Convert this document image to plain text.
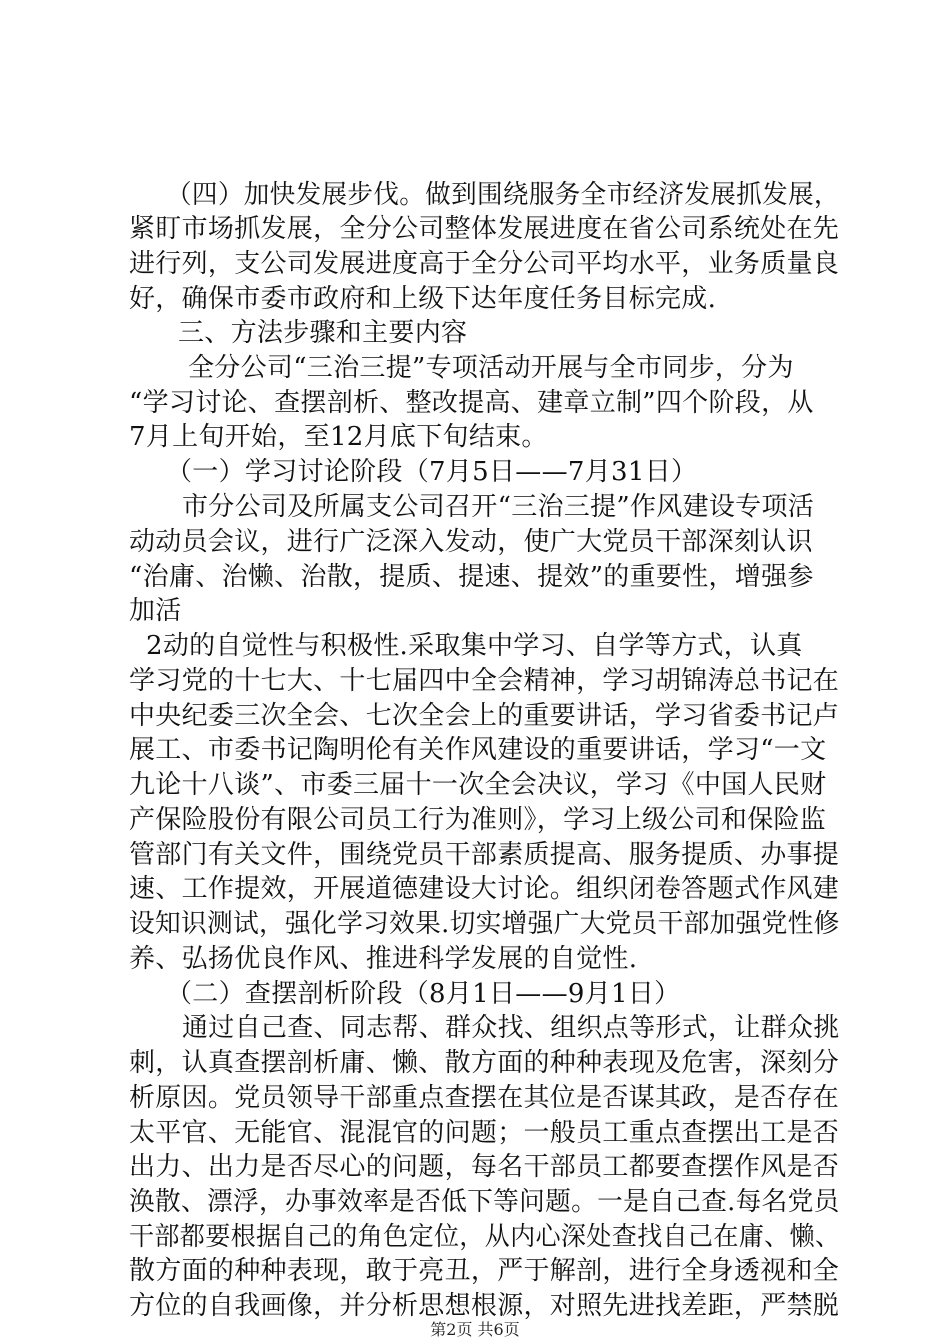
（四）加快发展步伐。做到围绕服务全市经济发展抓发展，
紧盯市场抓发展，全分公司整体发展进度在省公司系统处在先
进行列，支公司发展进度高于全分公司平均水平，业务质量良
好，确保市委市政府和上级下达年度任务目标完成.
三、方法步骤和主要内容
全分公司“三治三提”专项活动开展与全市同步，分为
“学习讨论、查摆剖析、整改提高、建章立制”四个阶段，从
7月上旬开始，至12月底下旬结束。
（一）学习讨论阶段（7月5日——7月31日）
市分公司及所属支公司召开“三治三提”作风建设专项活
动动员会议，进行广泛深入发动，使广大党员干部深刻认识
“治庸、治懒、治散，提质、提速、提效”的重要性，增强参
加活
2动的自觉性与积极性.采取集中学习、自学等方式，认真
学习党的十七大、十七届四中全会精神，学习胡锦涛总书记在
中央纪委三次全会、七次全会上的重要讲话，学习省委书记卢
展工、市委书记陶明伦有关作风建设的重要讲话，学习“一文
九论十八谈”、市委三届十一次全会决议，学习《中国人民财
产保险股份有限公司员工行为准则》，学习上级公司和保险监
管部门有关文件，围绕党员干部素质提高、服务提质、办事提
速、工作提效，开展道德建设大讨论。组织闭卷答题式作风建
设知识测试，强化学习效果.切实增强广大党员干部加强党性修
养、弘扬优良作风、推进科学发展的自觉性.
（二）查摆剖析阶段（8月1日——9月1日）
通过自己查、同志帮、群众找、组织点等形式，让群众挑
刺，认真查摆剖析庸、懒、散方面的种种表现及危害，深刻分
析原因。党员领导干部重点查摆在其位是否谋其政，是否存在
太平官、无能官、混混官的问题；一般员工重点查摆出工是否
出力、出力是否尽心的问题，每名干部员工都要查摆作风是否
涣散、漂浮，办事效率是否低下等问题。一是自己查.每名党员
干部都要根据自己的角色定位，从内心深处查找自己在庸、懒、
散方面的种种表现，敢于亮丑，严于解剖，进行全身透视和全
方位的自我画像，并分析思想根源，对照先进找差距，严禁脱
第2页 共6页
